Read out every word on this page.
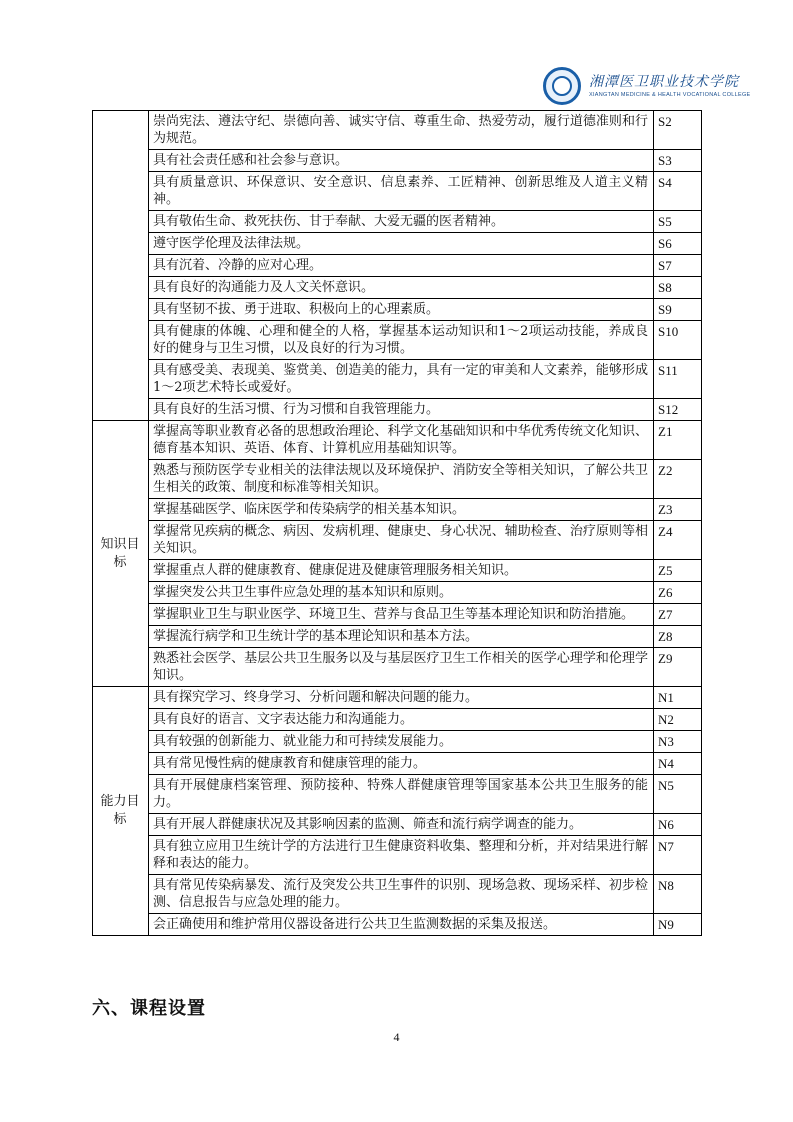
湘潭医卫职业技术学院
XIANGTAN MEDICINE & HEALTH VOCATIONAL COLLEGE
	崇尚宪法、遵法守纪、崇德向善、诚实守信、尊重生命、热爱劳动，履行道德准则和行为规范。	S2
	具有社会责任感和社会参与意识。	S3
	具有质量意识、环保意识、安全意识、信息素养、工匠精神、创新思维及人道主义精神。	S4
	具有敬佑生命、救死扶伤、甘于奉献、大爱无疆的医者精神。	S5
	遵守医学伦理及法律法规。	S6
	具有沉着、冷静的应对心理。	S7
	具有良好的沟通能力及人文关怀意识。	S8
	具有坚韧不拔、勇于进取、积极向上的心理素质。	S9
	具有健康的体魄、心理和健全的人格，掌握基本运动知识和1～2项运动技能，养成良好的健身与卫生习惯，以及良好的行为习惯。	S10
	具有感受美、表现美、鉴赏美、创造美的能力，具有一定的审美和人文素养，能够形成1～2项艺术特长或爱好。	S11
	具有良好的生活习惯、行为习惯和自我管理能力。	S12
知识目标	掌握高等职业教育必备的思想政治理论、科学文化基础知识和中华优秀传统文化知识、德育基本知识、英语、体育、计算机应用基础知识等。	Z1
	熟悉与预防医学专业相关的法律法规以及环境保护、消防安全等相关知识，了解公共卫生相关的政策、制度和标准等相关知识。	Z2
	掌握基础医学、临床医学和传染病学的相关基本知识。	Z3
	掌握常见疾病的概念、病因、发病机理、健康史、身心状况、辅助检查、治疗原则等相关知识。	Z4
	掌握重点人群的健康教育、健康促进及健康管理服务相关知识。	Z5
	掌握突发公共卫生事件应急处理的基本知识和原则。	Z6
	掌握职业卫生与职业医学、环境卫生、营养与食品卫生等基本理论知识和防治措施。	Z7
	掌握流行病学和卫生统计学的基本理论知识和基本方法。	Z8
	熟悉社会医学、基层公共卫生服务以及与基层医疗卫生工作相关的医学心理学和伦理学知识。	Z9
能力目标	具有探究学习、终身学习、分析问题和解决问题的能力。	N1
	具有良好的语言、文字表达能力和沟通能力。	N2
	具有较强的创新能力、就业能力和可持续发展能力。	N3
	具有常见慢性病的健康教育和健康管理的能力。	N4
	具有开展健康档案管理、预防接种、特殊人群健康管理等国家基本公共卫生服务的能力。	N5
	具有开展人群健康状况及其影响因素的监测、筛查和流行病学调查的能力。	N6
	具有独立应用卫生统计学的方法进行卫生健康资料收集、整理和分析，并对结果进行解释和表达的能力。	N7
	具有常见传染病暴发、流行及突发公共卫生事件的识别、现场急救、现场采样、初步检测、信息报告与应急处理的能力。	N8
	会正确使用和维护常用仪器设备进行公共卫生监测数据的采集及报送。	N9
六、课程设置
4
